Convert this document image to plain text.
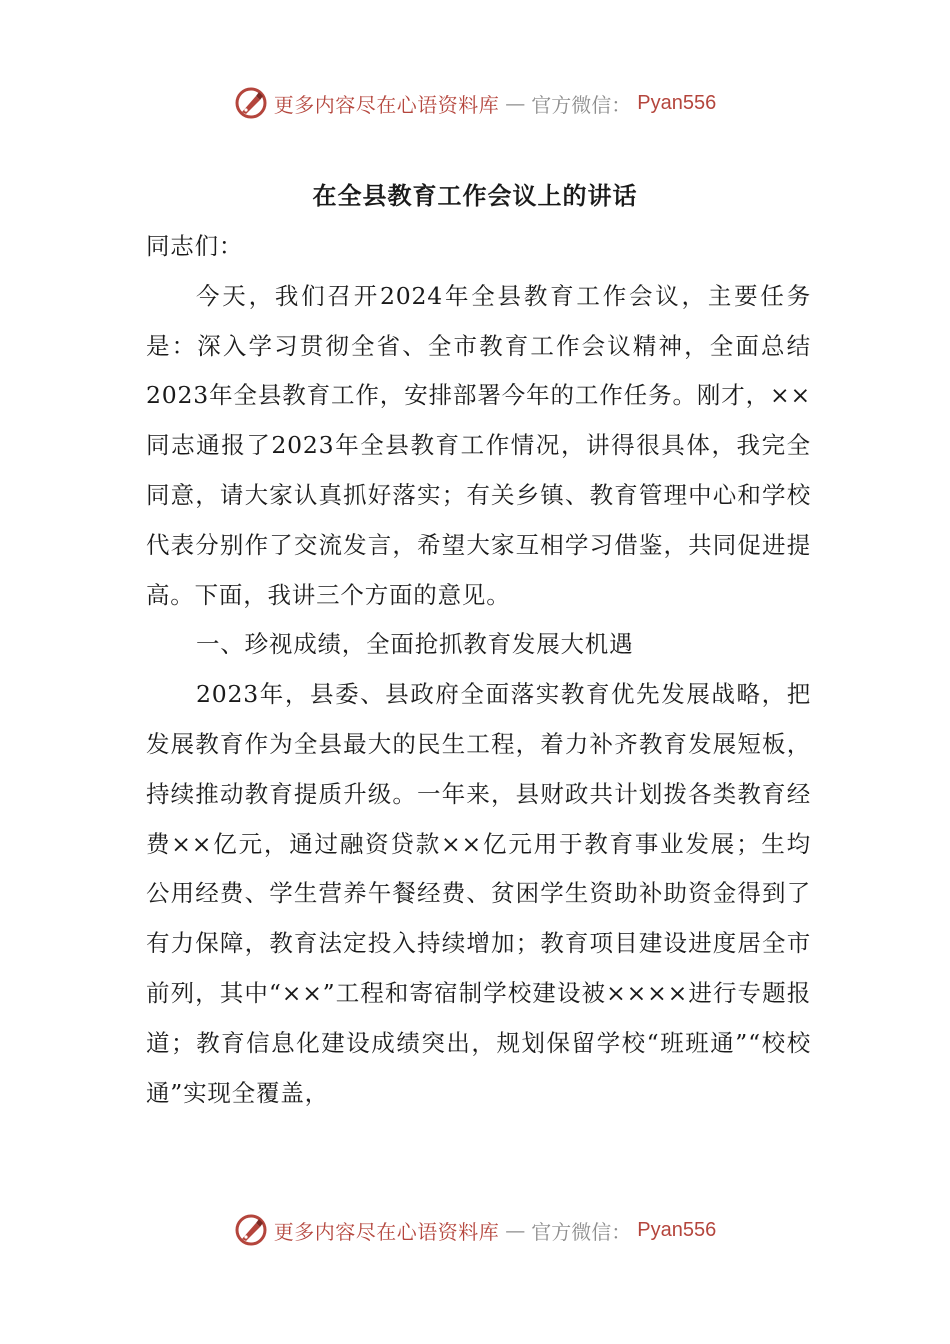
更多内容尽在心语资料库 — 官方微信： Pyan556
在全县教育工作会议上的讲话

同志们：

今天，我们召开2024年全县教育工作会议，主要任务是：深入学习贯彻全省、全市教育工作会议精神，全面总结2023年全县教育工作，安排部署今年的工作任务。刚才，××同志通报了2023年全县教育工作情况，讲得很具体，我完全同意，请大家认真抓好落实；有关乡镇、教育管理中心和学校代表分别作了交流发言，希望大家互相学习借鉴，共同促进提高。下面，我讲三个方面的意见。

一、珍视成绩，全面抢抓教育发展大机遇

2023年，县委、县政府全面落实教育优先发展战略，把发展教育作为全县最大的民生工程，着力补齐教育发展短板，持续推动教育提质升级。一年来，县财政共计划拨各类教育经费××亿元，通过融资贷款××亿元用于教育事业发展；生均公用经费、学生营养午餐经费、贫困学生资助补助资金得到了有力保障，教育法定投入持续增加；教育项目建设进度居全市前列，其中“××”工程和寄宿制学校建设被××××进行专题报道；教育信息化建设成绩突出，规划保留学校“班班通”“校校通”实现全覆盖，

更多内容尽在心语资料库 — 官方微信： Pyan556
